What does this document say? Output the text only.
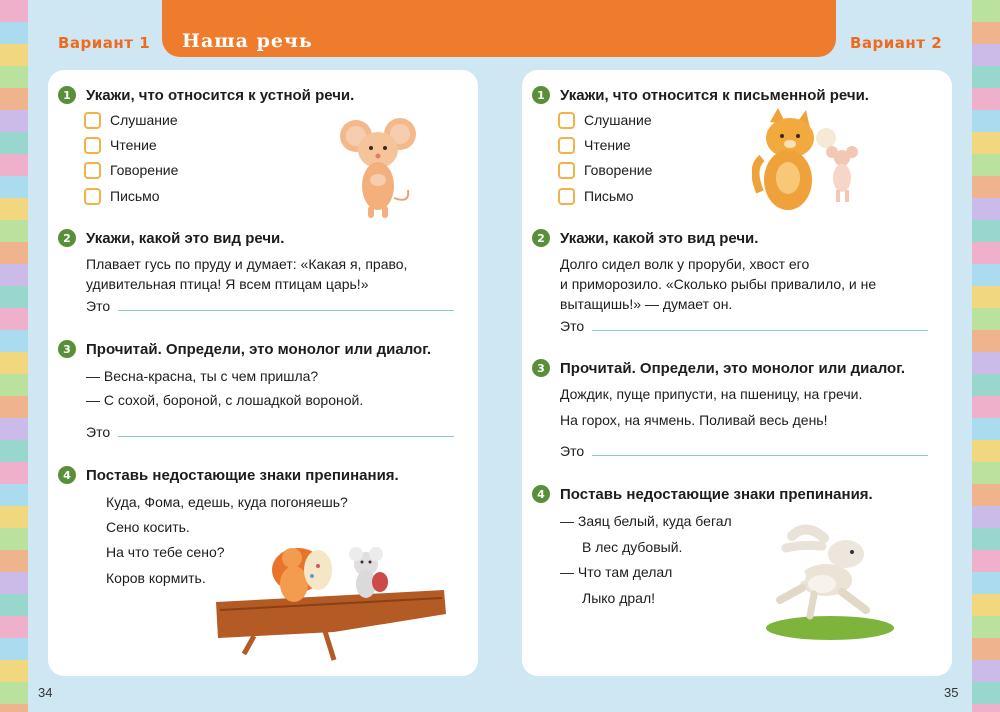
Вариант 1 Наша речь	Вариант 2
1	Укажи, что относится к устной речи.
Слушание
Чтение
Говорение
Письмо
2	Укажи, какой это вид речи.
Плавает гусь по пруду и думает: «Какая я, право,
удивительная птица! Я всем птицам царь!»
Это
3	Прочитай. Определи, это монолог или диалог.
— Весна-красна, ты с чем пришла?
— С сохой, бороной, с лошадкой вороной.
Это
4	Поставь недостающие знаки препинания.
Куда, Фома, едешь, куда погоняешь?
Сено косить.
На что тебе сено?
Коров кормить.
1	Укажи, что относится к письменной речи.
Слушание
Чтение
Говорение
Письмо
2	Укажи, какой это вид речи.
Долго сидел волк у проруби, хвост его
и приморозило. «Сколько рыбы привалило, и не
вытащишь!» — думает он.
Это
3	Прочитай. Определи, это монолог или диалог.
Дождик, пуще припусти, на пшеницу, на гречи.
На горох, на ячмень. Поливай весь день!
Это
4	Поставь недостающие знаки препинания.
— Заяц белый, куда бегал
В лес дубовый.
— Что там делал
Лыко драл!
34	35
